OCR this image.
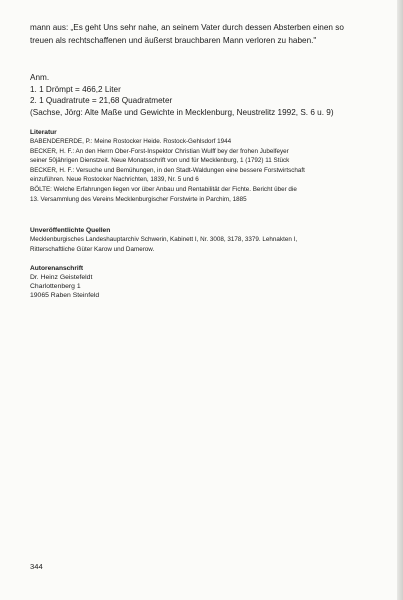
mann aus: „Es geht Uns sehr nahe, an seinem Vater durch dessen Absterben einen so
treuen als rechtschaffenen und äußerst brauchbaren Mann verloren zu haben."
Anm.
1. 1 Drömpt = 466,2 Liter
2. 1 Quadratrute = 21,68 Quadratmeter
(Sachse, Jörg: Alte Maße und Gewichte in Mecklenburg, Neustrelitz 1992, S. 6 u. 9)
Literatur
BABENDERERDE, P.: Meine Rostocker Heide. Rostock-Gehlsdorf 1944
BECKER, H. F.: An den Herrn Ober-Forst-Inspektor Christian Wulff bey der frohen Jubelfeyer
seiner 50jährigen Dienstzeit. Neue Monatsschrift von und für Mecklenburg, 1 (1792) 11 Stück
BECKER, H. F.: Versuche und Bemühungen, in den Stadt-Waldungen eine bessere Forstwirtschaft
einzuführen. Neue Rostocker Nachrichten, 1839, Nr. 5 und 6
BÖLTE: Welche Erfahrungen liegen vor über Anbau und Rentabilität der Fichte. Bericht über die
13. Versammlung des Vereins Mecklenburgischer Forstwirte in Parchim, 1885
Unveröffentlichte Quellen
Mecklenburgisches Landeshauptarchiv Schwerin, Kabinett I, Nr. 3008, 3178, 3379. Lehnakten I,
Ritterschaftliche Güter Karow und Damerow.
Autorenanschrift
Dr. Heinz Geistefeldt
Charlottenberg 1
19065 Raben Steinfeld
344
